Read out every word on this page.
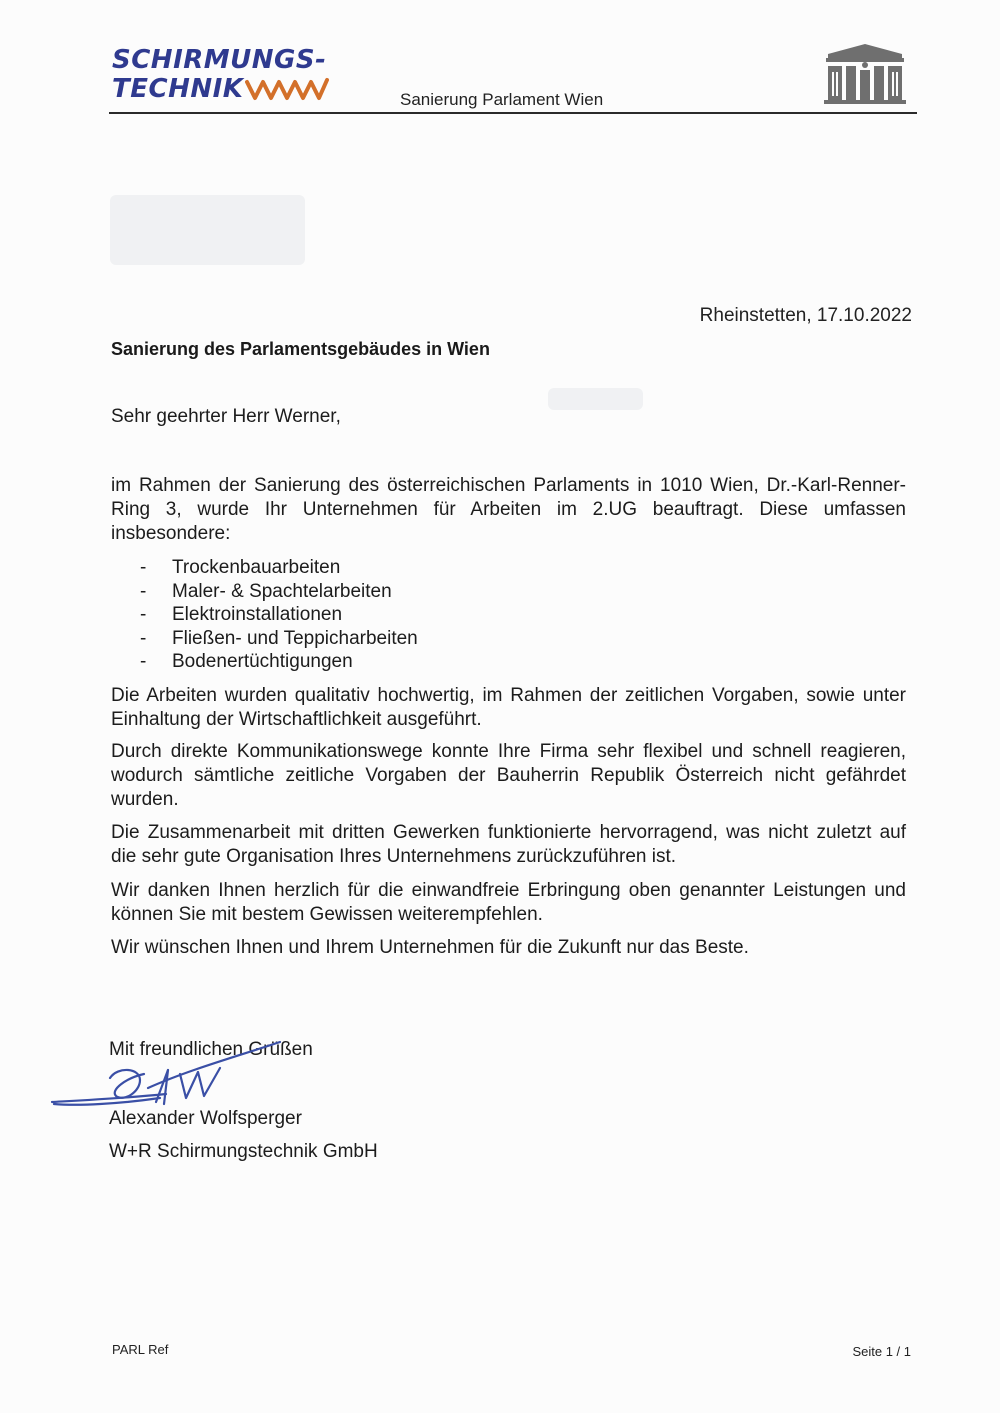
SCHIRMUNGS-
TECHNIK	Sanierung Parlament Wien
Rheinstetten, 17.10.2022
Sanierung des Parlamentsgebäudes in Wien
Sehr geehrter Herr Werner,
im Rahmen der Sanierung des österreichischen Parlaments in 1010 Wien, Dr.-Karl-Renner-Ring 3, wurde Ihr Unternehmen für Arbeiten im 2.UG beauftragt. Diese umfassen insbesondere:
- Trockenbauarbeiten
- Maler- & Spachtelarbeiten
- Elektroinstallationen
- Fließen- und Teppicharbeiten
- Bodenertüchtigungen
Die Arbeiten wurden qualitativ hochwertig, im Rahmen der zeitlichen Vorgaben, sowie unter Einhaltung der Wirtschaftlichkeit ausgeführt.
Durch direkte Kommunikationswege konnte Ihre Firma sehr flexibel und schnell reagieren, wodurch sämtliche zeitliche Vorgaben der Bauherrin Republik Österreich nicht gefährdet wurden.
Die Zusammenarbeit mit dritten Gewerken funktionierte hervorragend, was nicht zuletzt auf die sehr gute Organisation Ihres Unternehmens zurückzuführen ist.
Wir danken Ihnen herzlich für die einwandfreie Erbringung oben genannter Leistungen und können Sie mit bestem Gewissen weiterempfehlen.
Wir wünschen Ihnen und Ihrem Unternehmen für die Zukunft nur das Beste.
Mit freundlichen Grüßen
Alexander Wolfsperger
W+R Schirmungstechnik GmbH
PARL Ref	Seite 1 / 1
